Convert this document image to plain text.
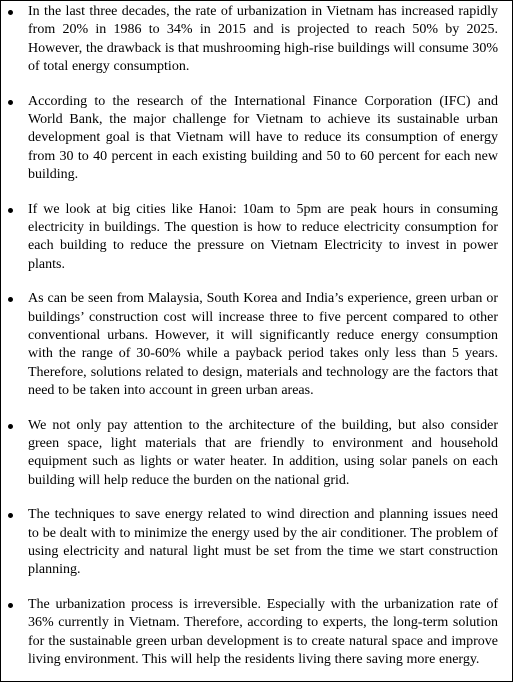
In the last three decades, the rate of urbanization in Vietnam has increased rapidly from 20% in 1986 to 34% in 2015 and is projected to reach 50% by 2025. However, the drawback is that mushrooming high-rise buildings will consume 30% of total energy consumption.
According to the research of the International Finance Corporation (IFC) and World Bank, the major challenge for Vietnam to achieve its sustainable urban development goal is that Vietnam will have to reduce its consumption of energy from 30 to 40 percent in each existing building and 50 to 60 percent for each new building.
If we look at big cities like Hanoi: 10am to 5pm are peak hours in consuming electricity in buildings. The question is how to reduce electricity consumption for each building to reduce the pressure on Vietnam Electricity to invest in power plants.
As can be seen from Malaysia, South Korea and India’s experience, green urban or buildings’ construction cost will increase three to five percent compared to other conventional urbans. However, it will significantly reduce energy consumption with the range of 30-60% while a payback period takes only less than 5 years. Therefore, solutions related to design, materials and technology are the factors that need to be taken into account in green urban areas.
We not only pay attention to the architecture of the building, but also consider green space, light materials that are friendly to environment and household equipment such as lights or water heater. In addition, using solar panels on each building will help reduce the burden on the national grid.
The techniques to save energy related to wind direction and planning issues need to be dealt with to minimize the energy used by the air conditioner. The problem of using electricity and natural light must be set from the time we start construction planning.
The urbanization process is irreversible. Especially with the urbanization rate of 36% currently in Vietnam. Therefore, according to experts, the long-term solution for the sustainable green urban development is to create natural space and improve living environment. This will help the residents living there saving more energy.
